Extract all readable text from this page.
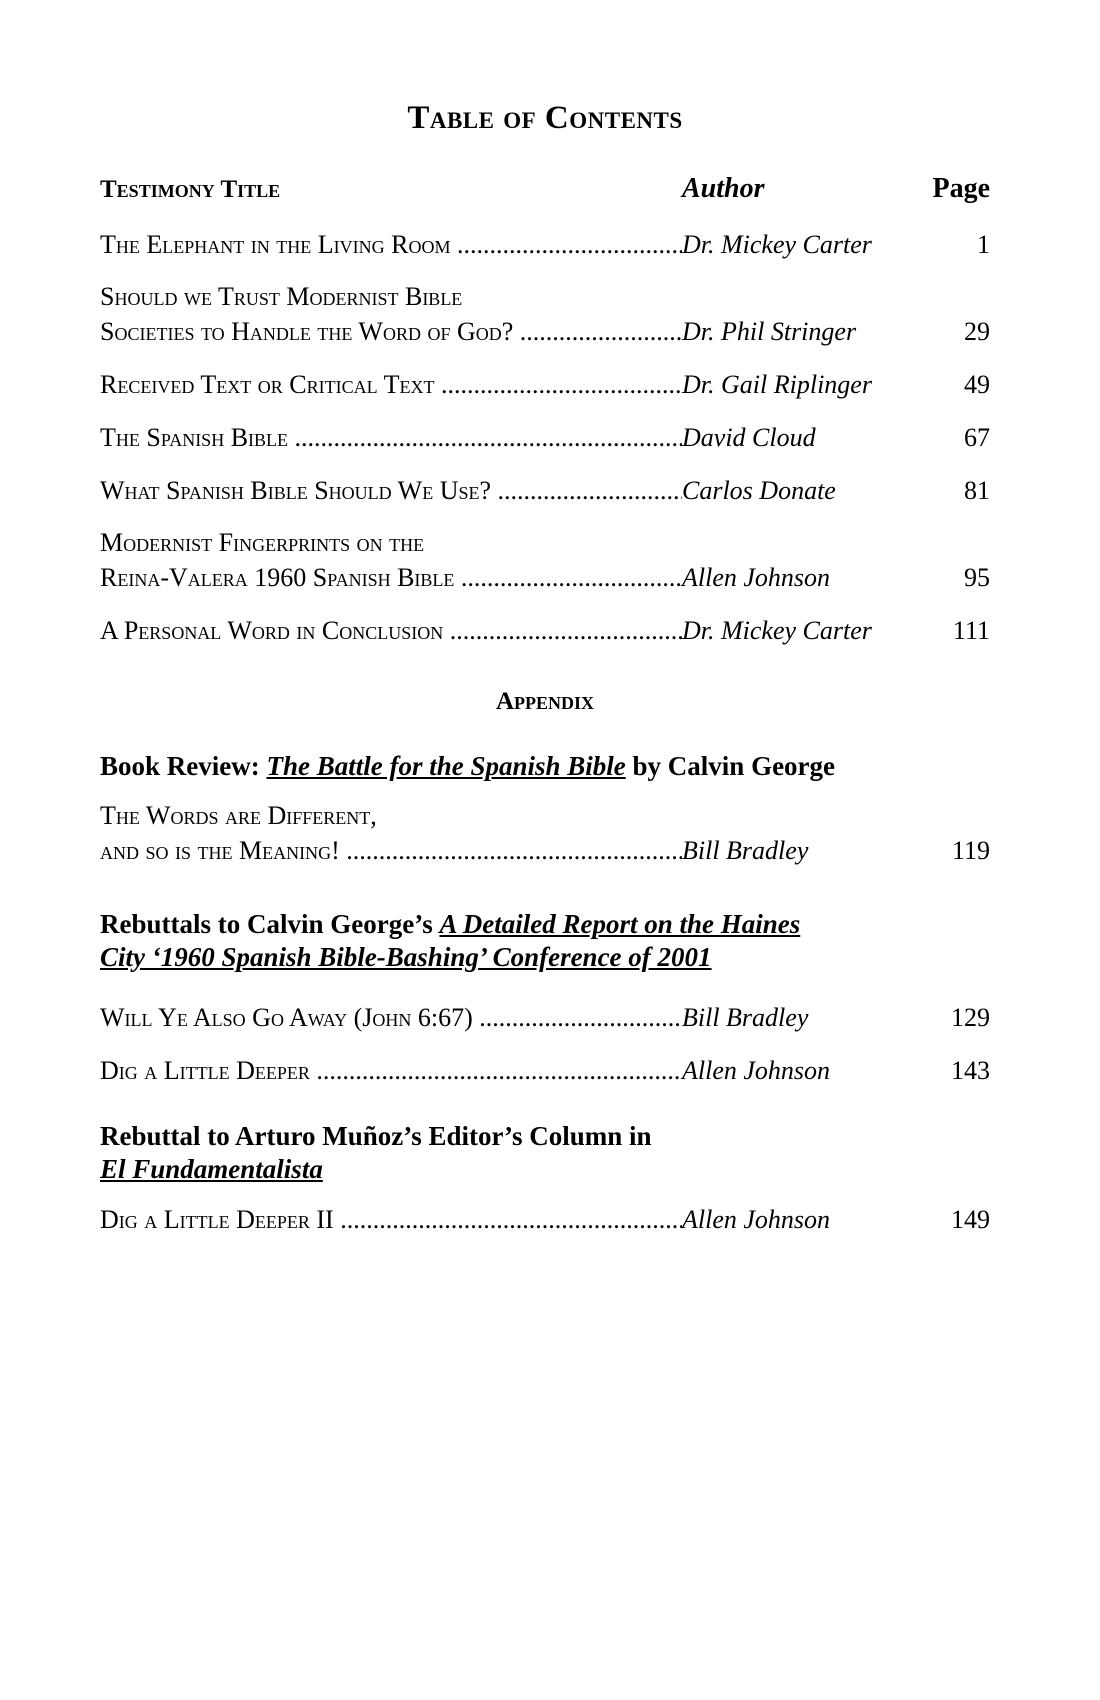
Table of Contents
Testimony Title	Author	Page
The Elephant in the Living Room .....	Dr. Mickey Carter	1
Should we Trust Modernist Bible
Societies to Handle the Word of God? .....	Dr. Phil Stringer	29
Received Text or Critical Text .....	Dr. Gail Riplinger	49
The Spanish Bible .....	David Cloud	67
What Spanish Bible Should We Use? .....	Carlos Donate	81
Modernist Fingerprints on the
Reina-Valera 1960 Spanish Bible .....	Allen Johnson	95
A Personal Word in Conclusion .....	Dr. Mickey Carter	111
Appendix
Book Review: The Battle for the Spanish Bible by Calvin George
The Words are Different,
and so is the Meaning! .....	Bill Bradley	119
Rebuttals to Calvin George’s A Detailed Report on the Haines
City ‘1960 Spanish Bible-Bashing’ Conference of 2001
Will Ye Also Go Away (John 6:67) .....	Bill Bradley	129
Dig a Little Deeper .....	Allen Johnson	143
Rebuttal to Arturo Muñoz’s Editor’s Column in
El Fundamentalista
Dig a Little Deeper II .....	Allen Johnson	149
